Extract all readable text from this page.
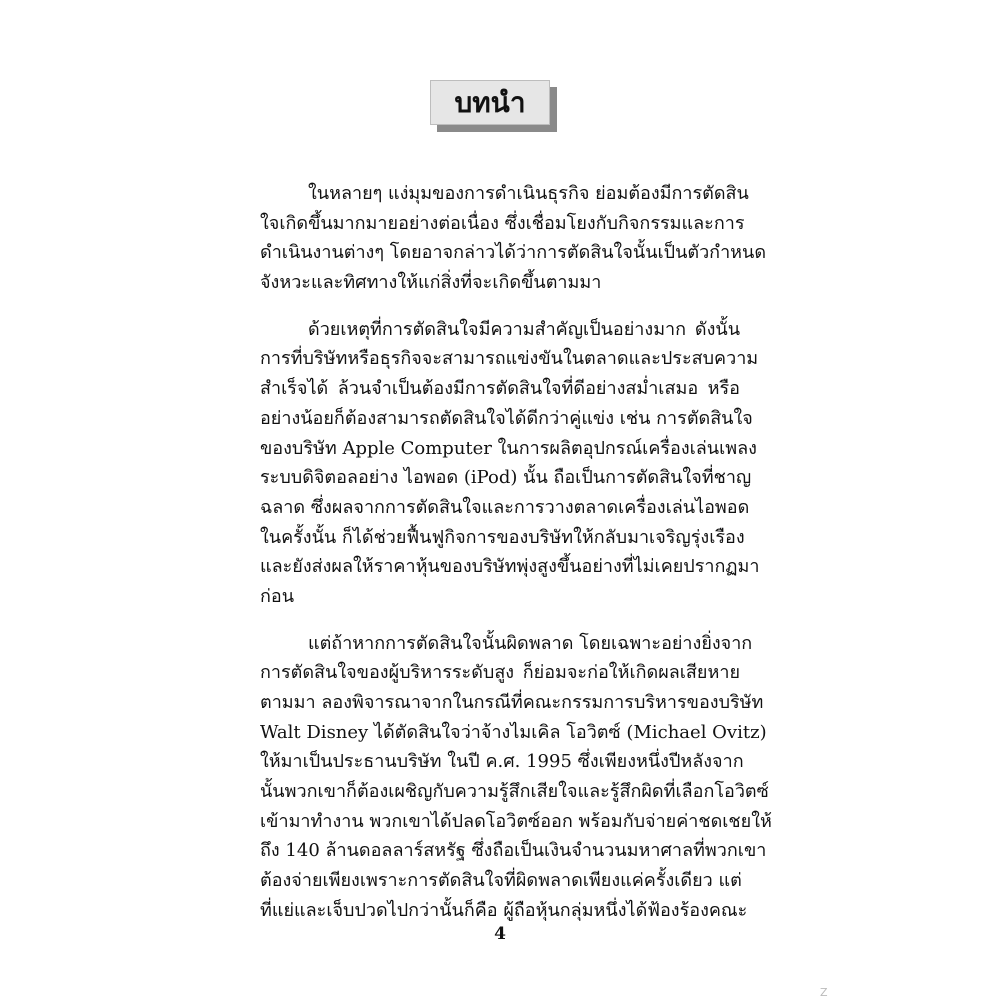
บทนำ
ในหลายๆ แง่มุมของการดำเนินธุรกิจ ย่อมต้องมีการตัดสิน
ใจเกิดขึ้นมากมายอย่างต่อเนื่อง ซึ่งเชื่อมโยงกับกิจกรรมและการ
ดำเนินงานต่างๆ โดยอาจกล่าวได้ว่าการตัดสินใจนั้นเป็นตัวกำหนด
จังหวะและทิศทางให้แก่สิ่งที่จะเกิดขึ้นตามมา
ด้วยเหตุที่การตัดสินใจมีความสำคัญเป็นอย่างมาก ดังนั้น
การที่บริษัทหรือธุรกิจจะสามารถแข่งขันในตลาดและประสบความ
สำเร็จได้ ล้วนจำเป็นต้องมีการตัดสินใจที่ดีอย่างสม่ำเสมอ หรือ
อย่างน้อยก็ต้องสามารถตัดสินใจได้ดีกว่าคู่แข่ง เช่น การตัดสินใจ
ของบริษัท Apple Computer ในการผลิตอุปกรณ์เครื่องเล่นเพลง
ระบบดิจิตอลอย่าง ไอพอด (iPod) นั้น ถือเป็นการตัดสินใจที่ชาญ
ฉลาด ซึ่งผลจากการตัดสินใจและการวางตลาดเครื่องเล่นไอพอด
ในครั้งนั้น ก็ได้ช่วยฟื้นฟูกิจการของบริษัทให้กลับมาเจริญรุ่งเรือง
และยังส่งผลให้ราคาหุ้นของบริษัทพุ่งสูงขึ้นอย่างที่ไม่เคยปรากฏมา
ก่อน
แต่ถ้าหากการตัดสินใจนั้นผิดพลาด โดยเฉพาะอย่างยิ่งจาก
การตัดสินใจของผู้บริหารระดับสูง ก็ย่อมจะก่อให้เกิดผลเสียหาย
ตามมา ลองพิจารณาจากในกรณีที่คณะกรรมการบริหารของบริษัท
Walt Disney ได้ตัดสินใจว่าจ้างไมเคิล โอวิตซ์ (Michael Ovitz)
ให้มาเป็นประธานบริษัท ในปี ค.ศ. 1995 ซึ่งเพียงหนึ่งปีหลังจาก
นั้นพวกเขาก็ต้องเผชิญกับความรู้สึกเสียใจและรู้สึกผิดที่เลือกโอวิตซ์
เข้ามาทำงาน พวกเขาได้ปลดโอวิตซ์ออก พร้อมกับจ่ายค่าชดเชยให้
ถึง 140 ล้านดอลลาร์สหรัฐ ซึ่งถือเป็นเงินจำนวนมหาศาลที่พวกเขา
ต้องจ่ายเพียงเพราะการตัดสินใจที่ผิดพลาดเพียงแค่ครั้งเดียว แต่
ที่แย่และเจ็บปวดไปกว่านั้นก็คือ ผู้ถือหุ้นกลุ่มหนึ่งได้ฟ้องร้องคณะ
4
Z
